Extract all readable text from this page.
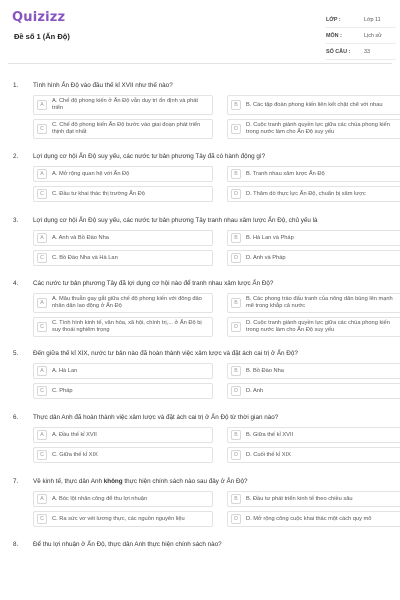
Quizizz
Đề số 1 (Ấn Độ)
LỚP :	Lớp 11
MÔN :	Lịch sử
SỐ CÂU :	33
1.	Tình hình Ấn Độ vào đầu thế kỉ XVII như thế nào?
A
A. Chế độ phong kiến ở Ấn Độ vẫn duy trì ổn định và phát triển	B	B. Các tập đoàn phong kiến liên kết chặt chẽ với nhau
C
C. Chế độ phong kiến Ấn Độ bước vào giai đoạn phát triển thịnh đạt nhất	D
D. Cuộc tranh giành quyền lực giữa các chúa phong kiến trong nước làm cho Ấn Độ suy yếu
2.	Lợi dụng cơ hội Ấn Độ suy yếu, các nước tư bản phương Tây đã có hành động gì?
A	A. Mở rộng quan hệ với Ấn Độ	B	B. Tranh nhau xâm lược Ấn Độ
C	C. Đầu tư khai thác thị trường Ấn Độ	D	D. Thăm dò thực lực Ấn Độ, chuẩn bị xâm lược
3.	Lợi dụng cơ hội Ấn Độ suy yếu, các nước tư bản phương Tây tranh nhau xâm lược Ấn Độ, chủ yếu là
A	A. Anh và Bồ Đào Nha	B	B. Hà Lan và Pháp
C	C. Bồ Đào Nha và Hà Lan	D	D. Anh và Pháp
4.	Các nước tư bản phương Tây đã lợi dụng cơ hội nào để tranh nhau xâm lược Ấn Độ?
A
A. Mâu thuẫn gay gắt giữa chế độ phong kiến với đông đảo nhân dân lao động ở Ấn Độ	B
B. Các phong trào đấu tranh của nông dân bùng lên mạnh mẽ trong khắp cả nước
C
C. Tình hình kinh tế, văn hóa, xã hội, chính trị,... ở Ấn Độ bị suy thoái nghiêm trọng	D
D. Cuộc tranh giành quyền lực giữa các chúa phong kiến trong nước làm cho Ấn Độ suy yếu
5.	Đến giữa thế kỉ XIX, nước tư bản nào đã hoàn thành việc xâm lược và đặt ách cai trị ở Ấn Độ?
A	A. Hà Lan	B	B. Bồ Đào Nha
C	C. Pháp	D	D. Anh
6.	Thực dân Anh đã hoàn thành việc xâm lược và đặt ách cai trị ở Ấn Độ từ thời gian nào?
A	A. Đầu thế kỉ XVII	B	B. Giữa thế kỉ XVII
C	C. Giữa thế kỉ XIX	D	D. Cuối thế kỉ XIX
7.	Về kinh tế, thực dân Anh không thực hiện chính sách nào sau đây ở Ấn Độ?
A	A. Bóc lột nhân công để thu lợi nhuận	B	B. Đầu tư phát triển kinh tế theo chiều sâu
C	C. Ra sức vơ vét lương thực, các nguồn nguyên liệu	D	D. Mở rộng công cuộc khai thác một cách quy mô
8.	Để thu lợi nhuận ở Ấn Độ, thực dân Anh thực hiện chính sách nào?
